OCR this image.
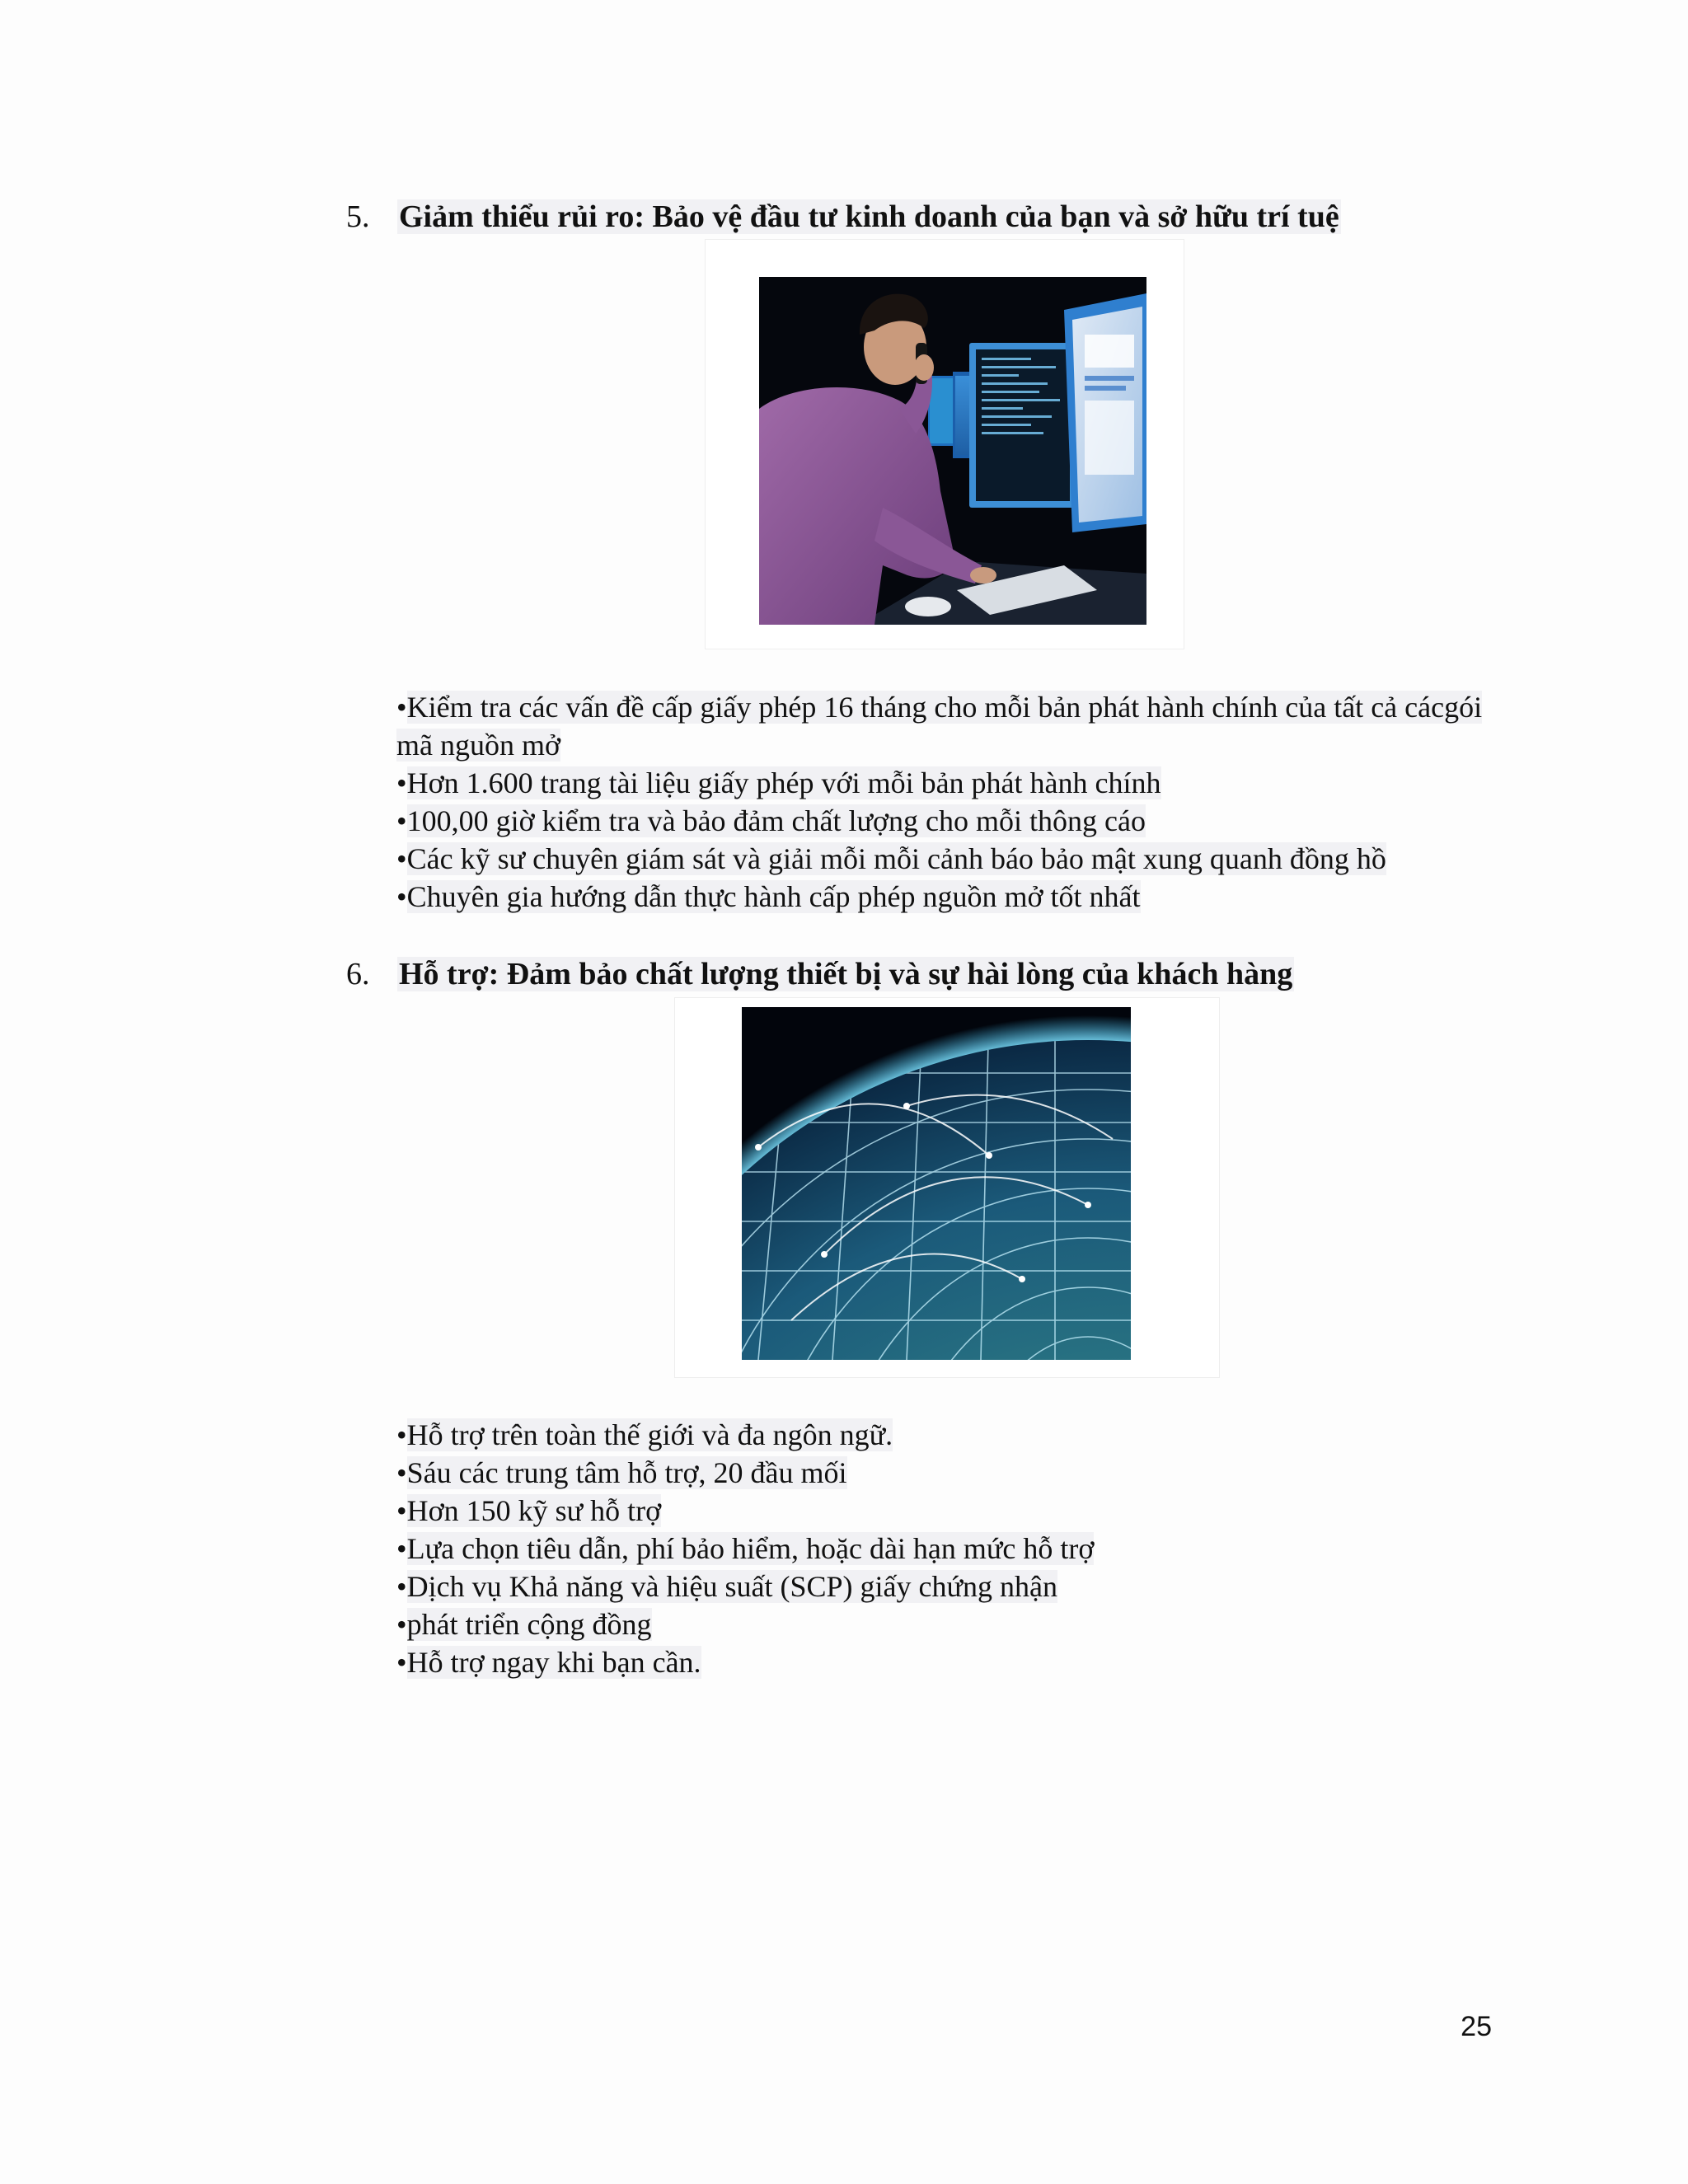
5. Giảm thiểu rủi ro: Bảo vệ đầu tư kinh doanh của bạn và sở hữu trí tuệ
• Kiểm tra các vấn đề cấp giấy phép 16 tháng cho mỗi bản phát hành chính của tất cả cácgói mã nguồn mở
• Hơn 1.600 trang tài liệu giấy phép với mỗi bản phát hành chính
• 100,00 giờ kiểm tra và bảo đảm chất lượng cho mỗi thông cáo
• Các kỹ sư chuyên giám sát và giải mỗi mỗi cảnh báo bảo mật xung quanh đồng hồ
• Chuyên gia hướng dẫn thực hành cấp phép nguồn mở tốt nhất
6. Hỗ trợ: Đảm bảo chất lượng thiết bị và sự hài lòng của khách hàng
• Hỗ trợ trên toàn thế giới và đa ngôn ngữ.
• Sáu các trung tâm hỗ trợ, 20 đầu mối
• Hơn 150 kỹ sư hỗ trợ
• Lựa chọn tiêu dẫn, phí bảo hiểm, hoặc dài hạn mức hỗ trợ
• Dịch vụ Khả năng và hiệu suất (SCP) giấy chứng nhận
• phát triển cộng đồng
• Hỗ trợ ngay khi bạn cần.
25
